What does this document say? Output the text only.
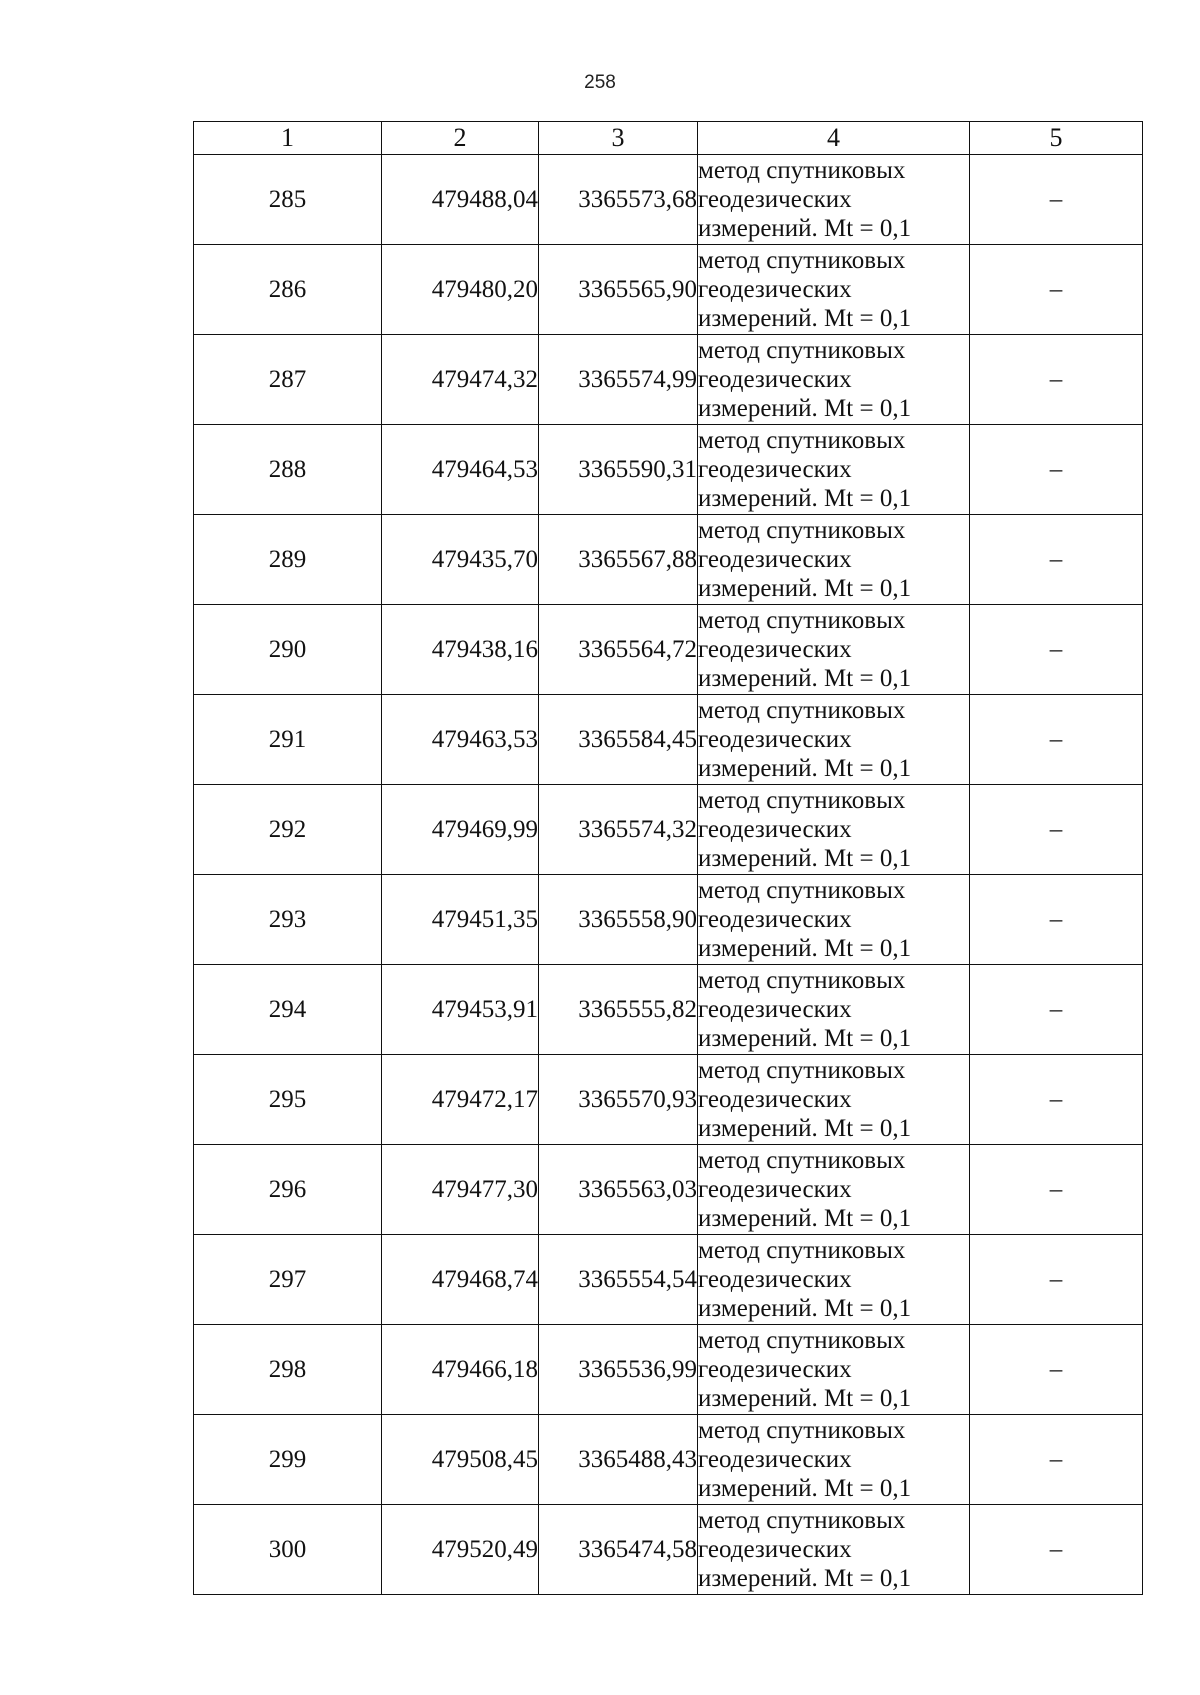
258
1	2	3	4	5
285	479488,04	3365573,68	метод спутниковых
геодезических
измерений. Mt = 0,1	–
286	479480,20	3365565,90	метод спутниковых
геодезических
измерений. Mt = 0,1	–
287	479474,32	3365574,99	метод спутниковых
геодезических
измерений. Mt = 0,1	–
288	479464,53	3365590,31	метод спутниковых
геодезических
измерений. Mt = 0,1	–
289	479435,70	3365567,88	метод спутниковых
геодезических
измерений. Mt = 0,1	–
290	479438,16	3365564,72	метод спутниковых
геодезических
измерений. Mt = 0,1	–
291	479463,53	3365584,45	метод спутниковых
геодезических
измерений. Mt = 0,1	–
292	479469,99	3365574,32	метод спутниковых
геодезических
измерений. Mt = 0,1	–
293	479451,35	3365558,90	метод спутниковых
геодезических
измерений. Mt = 0,1	–
294	479453,91	3365555,82	метод спутниковых
геодезических
измерений. Mt = 0,1	–
295	479472,17	3365570,93	метод спутниковых
геодезических
измерений. Mt = 0,1	–
296	479477,30	3365563,03	метод спутниковых
геодезических
измерений. Mt = 0,1	–
297	479468,74	3365554,54	метод спутниковых
геодезических
измерений. Mt = 0,1	–
298	479466,18	3365536,99	метод спутниковых
геодезических
измерений. Mt = 0,1	–
299	479508,45	3365488,43	метод спутниковых
геодезических
измерений. Mt = 0,1	–
300	479520,49	3365474,58	метод спутниковых
геодезических
измерений. Mt = 0,1	–
